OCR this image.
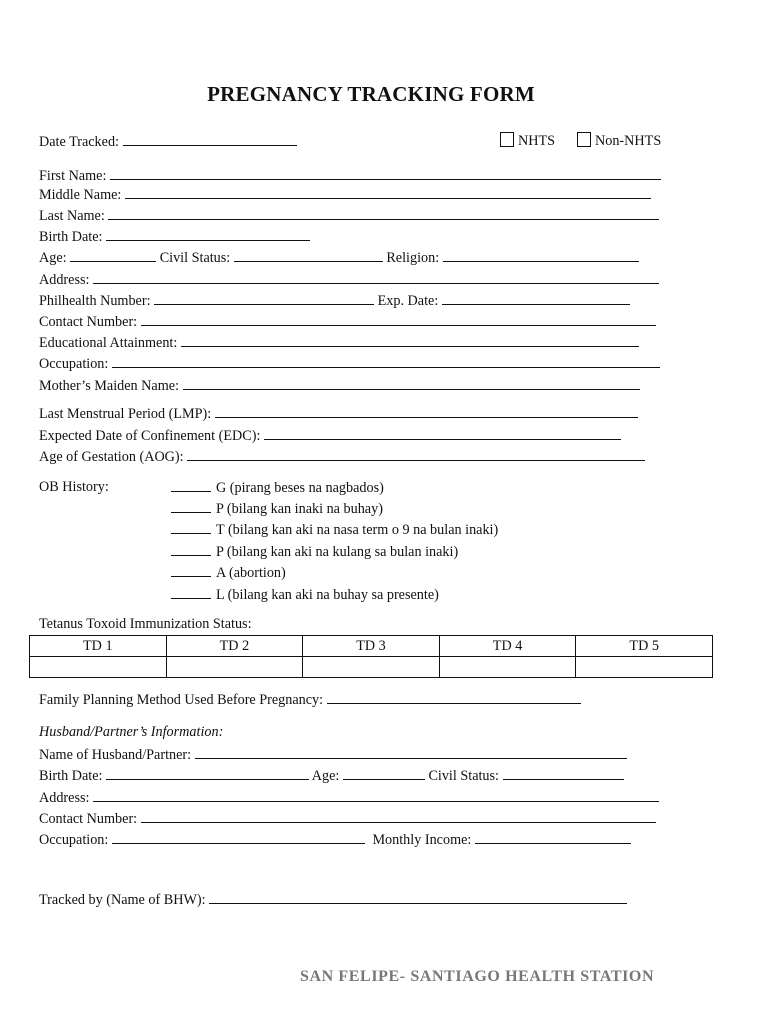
PREGNANCY TRACKING FORM
Date Tracked:	NHTS	Non-NHTS
First Name:
Middle Name:
Last Name:
Birth Date:
Age:	Civil Status:	Religion:
Address:
Philhealth Number:	Exp. Date:
Contact Number:
Educational Attainment:
Occupation:
Mother’s Maiden Name:
Last Menstrual Period (LMP):
Expected Date of Confinement (EDC):
Age of Gestation (AOG):
OB History:	G (pirang beses na nagbados)
P (bilang kan inaki na buhay)
T (bilang kan aki na nasa term o 9 na bulan inaki)
P (bilang kan aki na kulang sa bulan inaki)
A (abortion)
L (bilang kan aki na buhay sa presente)
Tetanus Toxoid Immunization Status:
TD 1	TD 2	TD 3	TD 4	TD 5

Family Planning Method Used Before Pregnancy:
Husband/Partner’s Information:
Name of Husband/Partner:
Birth Date:	Age:	Civil Status:
Address:
Contact Number:
Occupation:	Monthly Income:
Tracked by (Name of BHW):
SAN FELIPE- SANTIAGO HEALTH STATION
